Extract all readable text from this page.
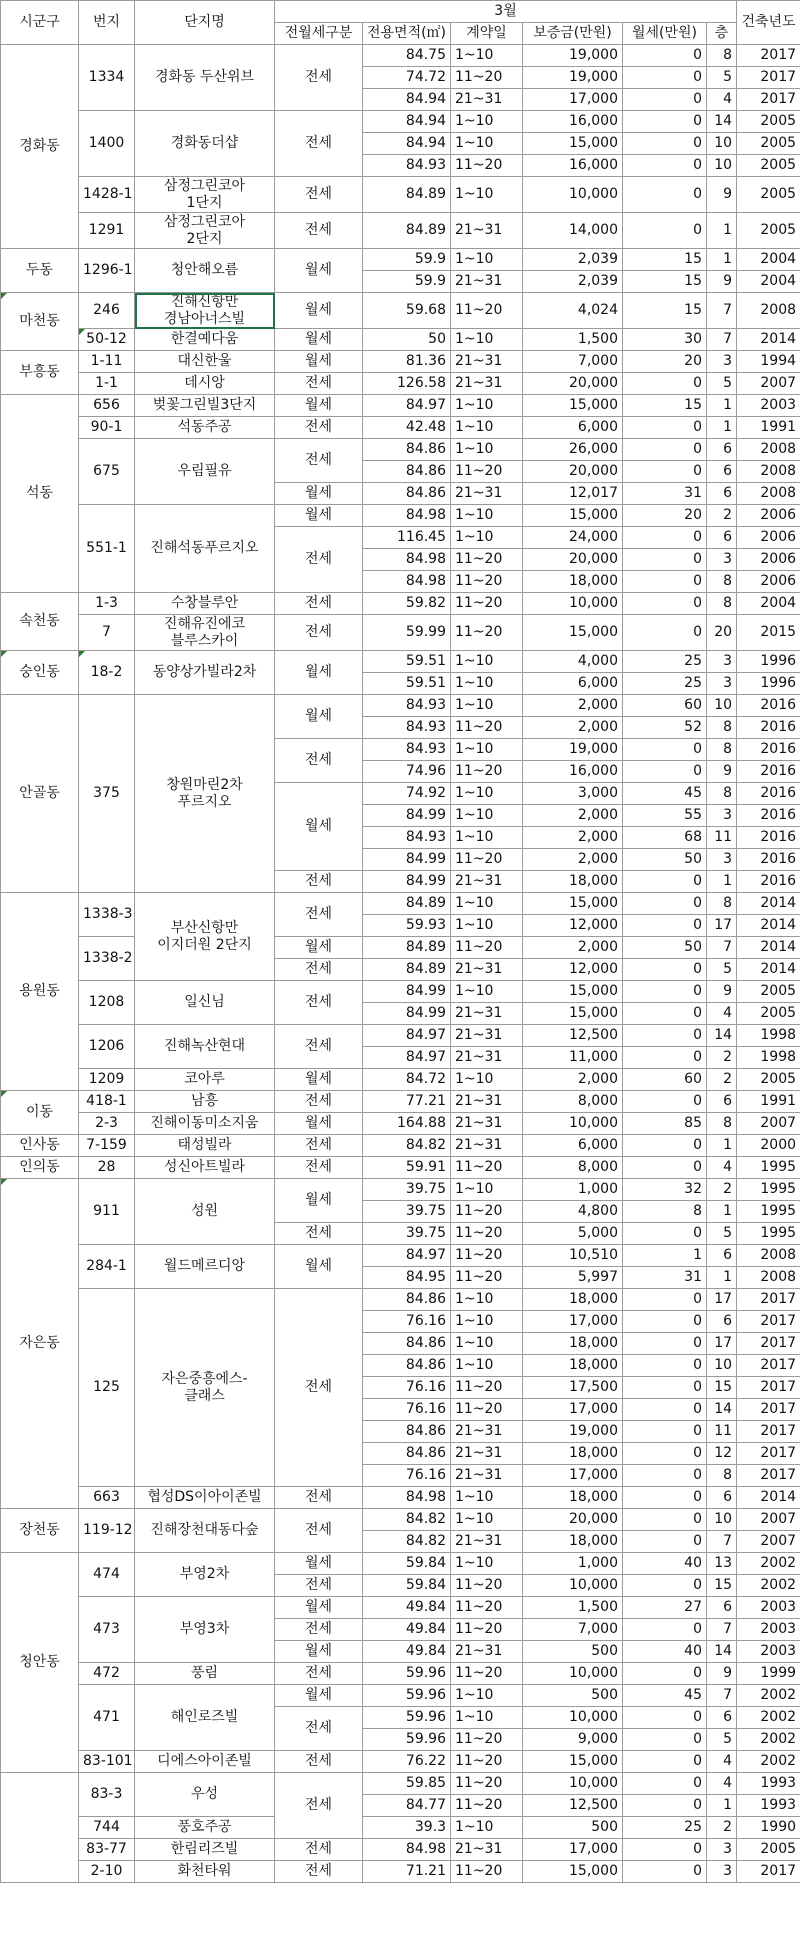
시군구	번지	단지명	3월						건축년도
			전월세구분	전용면적(㎡)	계약일	보증금(만원)	월세(만원)	층	
경화동	1334	경화동 두산위브	전세	84.75	1~10	19,000	0	8	2017
				74.72	11~20	19,000	0	5	2017
				84.94	21~31	17,000	0	4	2017
	1400	경화동더샵	전세	84.94	1~10	16,000	0	14	2005
				84.94	1~10	15,000	0	10	2005
				84.93	11~20	16,000	0	10	2005
	1428-1	삼정그린코아
1단지	전세	84.89	1~10	10,000	0	9	2005
	1291	삼정그린코아
2단지	전세	84.89	21~31	14,000	0	1	2005
두동	1296-1	청안해오름	월세	59.9	1~10	2,039	15	1	2004
				59.9	21~31	2,039	15	9	2004
마천동	246	진해신항만
경남아너스빌	월세	59.68	11~20	4,024	15	7	2008
	50-12	한결예다움	월세	50	1~10	1,500	30	7	2014
부흥동	1-11	대신한울	월세	81.36	21~31	7,000	20	3	1994
	1-1	데시앙	전세	126.58	21~31	20,000	0	5	2007
석동	656	벚꽃그린빌3단지	월세	84.97	1~10	15,000	15	1	2003
	90-1	석동주공	전세	42.48	1~10	6,000	0	1	1991
	675	우림필유	전세	84.86	1~10	26,000	0	6	2008
				84.86	11~20	20,000	0	6	2008
			월세	84.86	21~31	12,017	31	6	2008
	551-1	진해석동푸르지오	월세	84.98	1~10	15,000	20	2	2006
			전세	116.45	1~10	24,000	0	6	2006
				84.98	11~20	20,000	0	3	2006
				84.98	11~20	18,000	0	8	2006
속천동	1-3	수창블루안	전세	59.82	11~20	10,000	0	8	2004
	7	진해유진에코
블루스카이	전세	59.99	11~20	15,000	0	20	2015
숭인동	18-2	동양상가빌라2차	월세	59.51	1~10	4,000	25	3	1996
				59.51	1~10	6,000	25	3	1996
안골동	375	창원마린2차
푸르지오	월세	84.93	1~10	2,000	60	10	2016
				84.93	11~20	2,000	52	8	2016
			전세	84.93	1~10	19,000	0	8	2016
				74.96	11~20	16,000	0	9	2016
			월세	74.92	1~10	3,000	45	8	2016
				84.99	1~10	2,000	55	3	2016
				84.93	1~10	2,000	68	11	2016
				84.99	11~20	2,000	50	3	2016
			전세	84.99	21~31	18,000	0	1	2016
용원동	1338-3	부산신항만
이지더원 2단지	전세	84.89	1~10	15,000	0	8	2014
				59.93	1~10	12,000	0	17	2014
	1338-2		월세	84.89	11~20	2,000	50	7	2014
			전세	84.89	21~31	12,000	0	5	2014
	1208	일신님	전세	84.99	1~10	15,000	0	9	2005
				84.99	21~31	15,000	0	4	2005
	1206	진해녹산현대	전세	84.97	21~31	12,500	0	14	1998
				84.97	21~31	11,000	0	2	1998
	1209	코아루	월세	84.72	1~10	2,000	60	2	2005
이동	418-1	남흥	전세	77.21	21~31	8,000	0	6	1991
	2-3	진해이동미소지움	월세	164.88	21~31	10,000	85	8	2007
인사동	7-159	태성빌라	전세	84.82	21~31	6,000	0	1	2000
인의동	28	성신아트빌라	전세	59.91	11~20	8,000	0	4	1995
자은동	911	성원	월세	39.75	1~10	1,000	32	2	1995
				39.75	11~20	4,800	8	1	1995
			전세	39.75	11~20	5,000	0	5	1995
	284-1	월드메르디앙	월세	84.97	11~20	10,510	1	6	2008
				84.95	11~20	5,997	31	1	2008
	125	자은중흥에스-
클래스	전세	84.86	1~10	18,000	0	17	2017
				76.16	1~10	17,000	0	6	2017
				84.86	1~10	18,000	0	17	2017
				84.86	1~10	18,000	0	10	2017
				76.16	11~20	17,500	0	15	2017
				76.16	11~20	17,000	0	14	2017
				84.86	21~31	19,000	0	11	2017
				84.86	21~31	18,000	0	12	2017
				76.16	21~31	17,000	0	8	2017
	663	협성DS이아이존빌	전세	84.98	1~10	18,000	0	6	2014
장천동	119-12	진해장천대동다숲	전세	84.82	1~10	20,000	0	10	2007
				84.82	21~31	18,000	0	7	2007
청안동	474	부영2차	월세	59.84	1~10	1,000	40	13	2002
			전세	59.84	11~20	10,000	0	15	2002
	473	부영3차	월세	49.84	11~20	1,500	27	6	2003
			전세	49.84	11~20	7,000	0	7	2003
			월세	49.84	21~31	500	40	14	2003
	472	풍림	전세	59.96	11~20	10,000	0	9	1999
	471	해인로즈빌	월세	59.96	1~10	500	45	7	2002
			전세	59.96	1~10	10,000	0	6	2002
				59.96	11~20	9,000	0	5	2002
	83-101	디에스아이존빌	전세	76.22	11~20	15,000	0	4	2002
	83-3	우성	전세	59.85	11~20	10,000	0	4	1993
				84.77	11~20	12,500	0	1	1993
	744	풍호주공		39.3	1~10	500	25	2	1990
	83-77	한림리즈빌	전세	84.98	21~31	17,000	0	3	2005
	2-10	화천타워	전세	71.21	11~20	15,000	0	3	2017
